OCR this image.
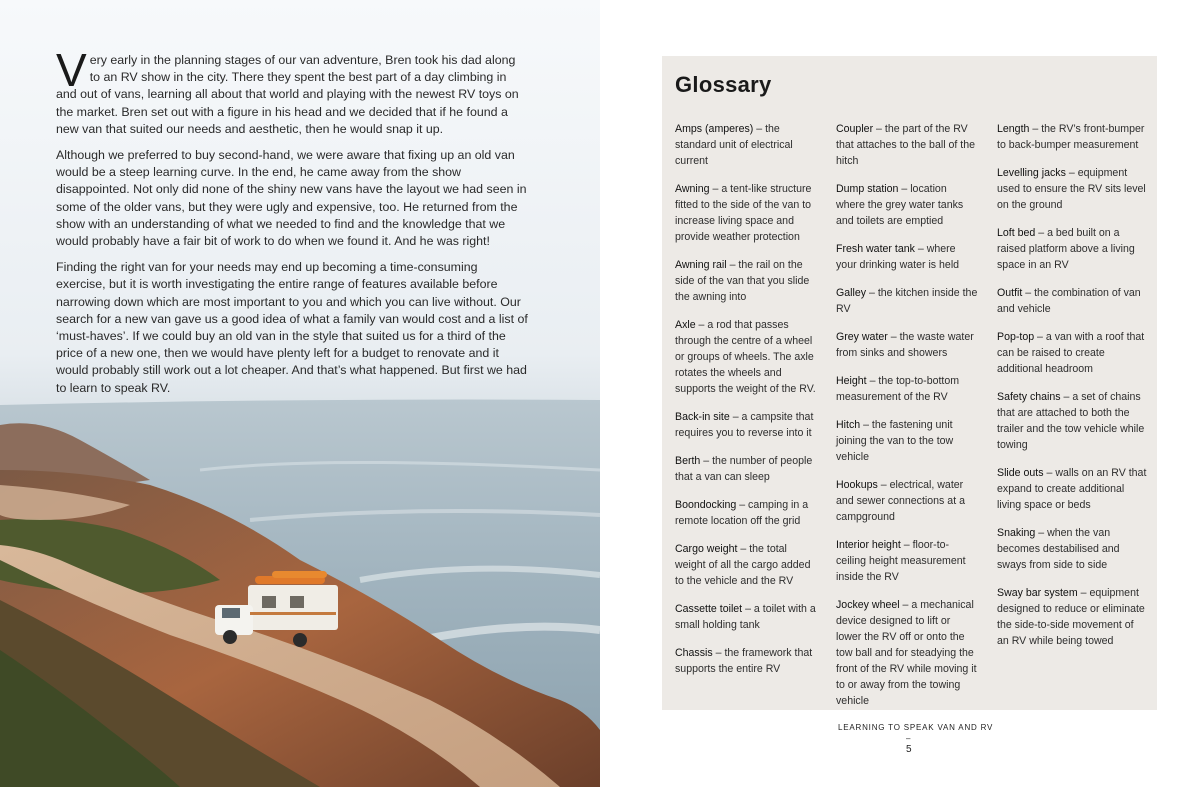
Very early in the planning stages of our van adventure, Bren took his dad along to an RV show in the city. There they spent the best part of a day climbing in and out of vans, learning all about that world and playing with the newest RV toys on the market. Bren set out with a figure in his head and we decided that if he found a new van that suited our needs and aesthetic, then he would snap it up.

Although we preferred to buy second-hand, we were aware that fixing up an old van would be a steep learning curve. In the end, he came away from the show disappointed. Not only did none of the shiny new vans have the layout we had seen in some of the older vans, but they were ugly and expensive, too. He returned from the show with an understanding of what we needed to find and the knowledge that we would probably have a fair bit of work to do when we found it. And he was right!

Finding the right van for your needs may end up becoming a time-consuming exercise, but it is worth investigating the entire range of features available before narrowing down which are most important to you and which you can live without. Our search for a new van gave us a good idea of what a family van would cost and a list of ‘must-haves’. If we could buy an old van in the style that suited us for a third of the price of a new one, then we would have plenty left for a budget to renovate and it would probably still work out a lot cheaper. And that’s what happened. But first we had to learn to speak RV.

Glossary
Amps (amperes) – the standard unit of electrical current
Awning – a tent-like structure fitted to the side of the van to increase living space and provide weather protection
Awning rail – the rail on the side of the van that you slide the awning into
Axle – a rod that passes through the centre of a wheel or groups of wheels. The axle rotates the wheels and supports the weight of the RV.
Back-in site – a campsite that requires you to reverse into it
Berth – the number of people that a van can sleep
Boondocking – camping in a remote location off the grid
Cargo weight – the total weight of all the cargo added to the vehicle and the RV
Cassette toilet – a toilet with a small holding tank
Chassis – the framework that supports the entire RV
Coupler – the part of the RV that attaches to the ball of the hitch
Dump station – location where the grey water tanks and toilets are emptied
Fresh water tank – where your drinking water is held
Galley – the kitchen inside the RV
Grey water – the waste water from sinks and showers
Height – the top-to-bottom measurement of the RV
Hitch – the fastening unit joining the van to the tow vehicle
Hookups – electrical, water and sewer connections at a campground
Interior height – floor-to-ceiling height measurement inside the RV
Jockey wheel – a mechanical device designed to lift or lower the RV off or onto the tow ball and for steadying the front of the RV while moving it to or away from the towing vehicle
Length – the RV’s front-bumper to back-bumper measurement
Levelling jacks – equipment used to ensure the RV sits level on the ground
Loft bed – a bed built on a raised platform above a living space in an RV
Outfit – the combination of van and vehicle
Pop-top – a van with a roof that can be raised to create additional headroom
Safety chains – a set of chains that are attached to both the trailer and the tow vehicle while towing
Slide outs – walls on an RV that expand to create additional living space or beds
Snaking – when the van becomes destabilised and sways from side to side
Sway bar system – equipment designed to reduce or eliminate the side-to-side movement of an RV while being towed
LEARNING TO SPEAK VAN AND RV
–
5
